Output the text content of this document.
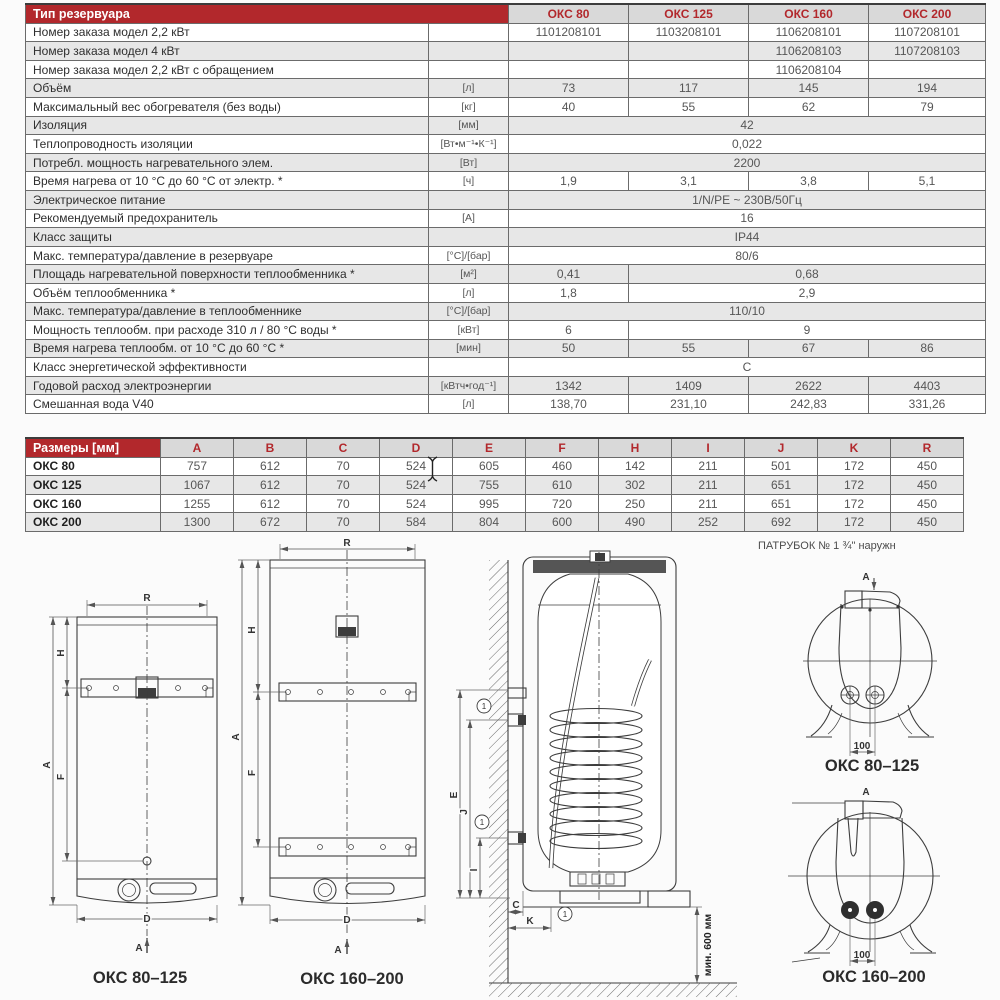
Тип резервуара		ОКС 80	ОКС 125	ОКС 160	ОКС 200
Номер заказа модел 2,2 кВт		1101208101	1103208101	1106208101	1107208101
Номер заказа модел 4 кВт				1106208103	1107208103
Номер заказа модел 2,2 кВт с обращением				1106208104	
Объём	[л]	73	117	145	194
Максимальный вес обогревателя (без воды)	[кг]	40	55	62	79
Изоляция	[мм]	42			
Теплопроводность изоляции	[Вт•м⁻¹•К⁻¹]	0,022			
Потребл. мощность нагревательного элем.	[Вт]	2200			
Время нагрева от 10 °С до 60 °С от электр. *	[ч]	1,9	3,1	3,8	5,1
Электрическое питание		1/N/PE ~ 230В/50Гц			
Рекомендуемый предохранитель	[А]	16			
Класс защиты		IP44			
Макс. температура/давление в резервуаре	[°С]/[бар]	80/6			
Площадь нагревательной поверхности теплообменника *	[м²]	0,41	0,68		
Объём теплообменника *	[л]	1,8	2,9		
Макс. температура/давление в теплообменнике	[°С]/[бар]	110/10			
Мощность теплообм. при расходе 310 л / 80 °С воды *	[кВт]	6	9		
Время нагрева теплообм. от 10 °С до 60 °С *	[мин]	50	55	67	86
Класс энергетической эффективности		С			
Годовой расход электроэнергии	[кВтч•год⁻¹]	1342	1409	2622	4403
Смешанная вода V40	[л]	138,70	231,10	242,83	331,26
Размеры [мм]	A	B	C	D	E	F	H	I	J	K	R
ОКС 80	757	612	70	524	605	460	142	211	501	172	450
ОКС 125	1067	612	70	524	755	610	302	211	651	172	450
ОКС 160	1255	612	70	524	995	720	250	211	651	172	450
ОКС 200	1300	672	70	584	804	600	490	252	692	172	450
ПАТРУБОК № 1 ¾" наружн
R
A
H
F
D
А
ОКС 80–125
R
A
H
F
D
А
ОКС 160–200
E
J
I
1
1
1
C
K	мин. 600 мм
А
100
ОКС 80–125
А
100
ОКС 160–200
